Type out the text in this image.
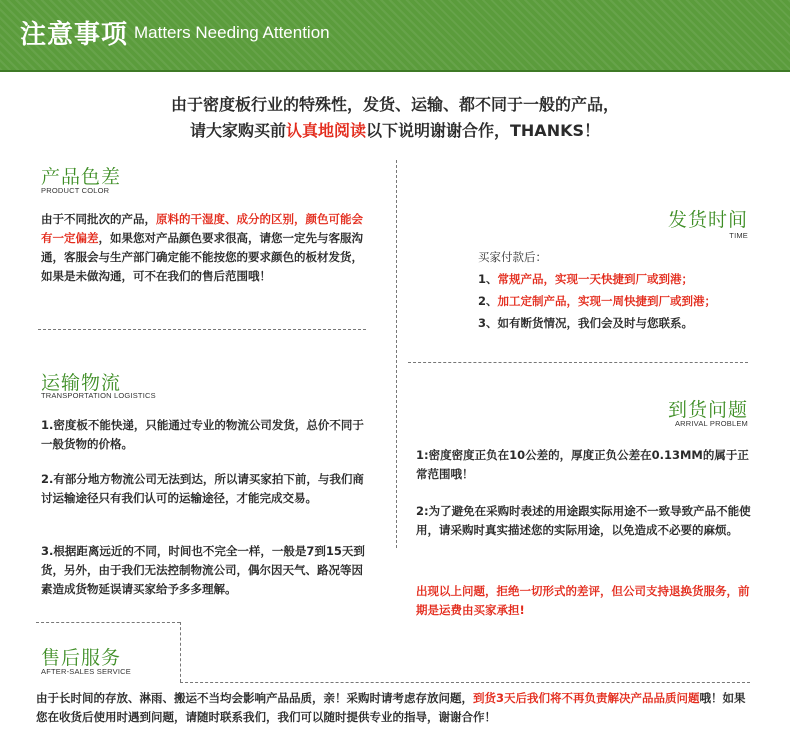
注意事项 Matters Needing Attention
由于密度板行业的特殊性，发货、运输、都不同于一般的产品，
请大家购买前认真地阅读以下说明谢谢合作，THANKS！
产品色差
PRODUCT COLOR
由于不同批次的产品，原料的干湿度、成分的区别，颜色可能会有一定偏差，如果您对产品颜色要求很高，请您一定先与客服沟通，客服会与生产部门确定能不能按您的要求颜色的板材发货，如果是未做沟通，可不在我们的售后范围哦！
发货时间
TIME
买家付款后：
1、常规产品，实现一天快捷到厂或到港；
2、加工定制产品，实现一周快捷到厂或到港；
3、如有断货情况，我们会及时与您联系。
运输物流
TRANSPORTATION LOGISTICS
1.密度板不能快递，只能通过专业的物流公司发货，总价不同于一般货物的价格。
2.有部分地方物流公司无法到达，所以请买家拍下前，与我们商讨运输途径只有我们认可的运输途径，才能完成交易。
3.根据距离远近的不同，时间也不完全一样，一般是7到15天到货，另外，由于我们无法控制物流公司，偶尔因天气、路况等因素造成货物延误请买家给予多多理解。
到货问题
ARRIVAL PROBLEM
1:密度密度正负在10公差的，厚度正负公差在0.13MM的属于正常范围哦！
2:为了避免在采购时表述的用途跟实际用途不一致导致产品不能使用，请采购时真实描述您的实际用途，以免造成不必要的麻烦。
出现以上问题，拒绝一切形式的差评，但公司支持退换货服务，前期是运费由买家承担!
售后服务
AFTER-SALES SERVICE
由于长时间的存放、淋雨、搬运不当均会影响产品品质，亲！采购时请考虑存放问题，到货3天后我们将不再负责解决产品品质问题哦！如果您在收货后使用时遇到问题，请随时联系我们，我们可以随时提供专业的指导，谢谢合作！
